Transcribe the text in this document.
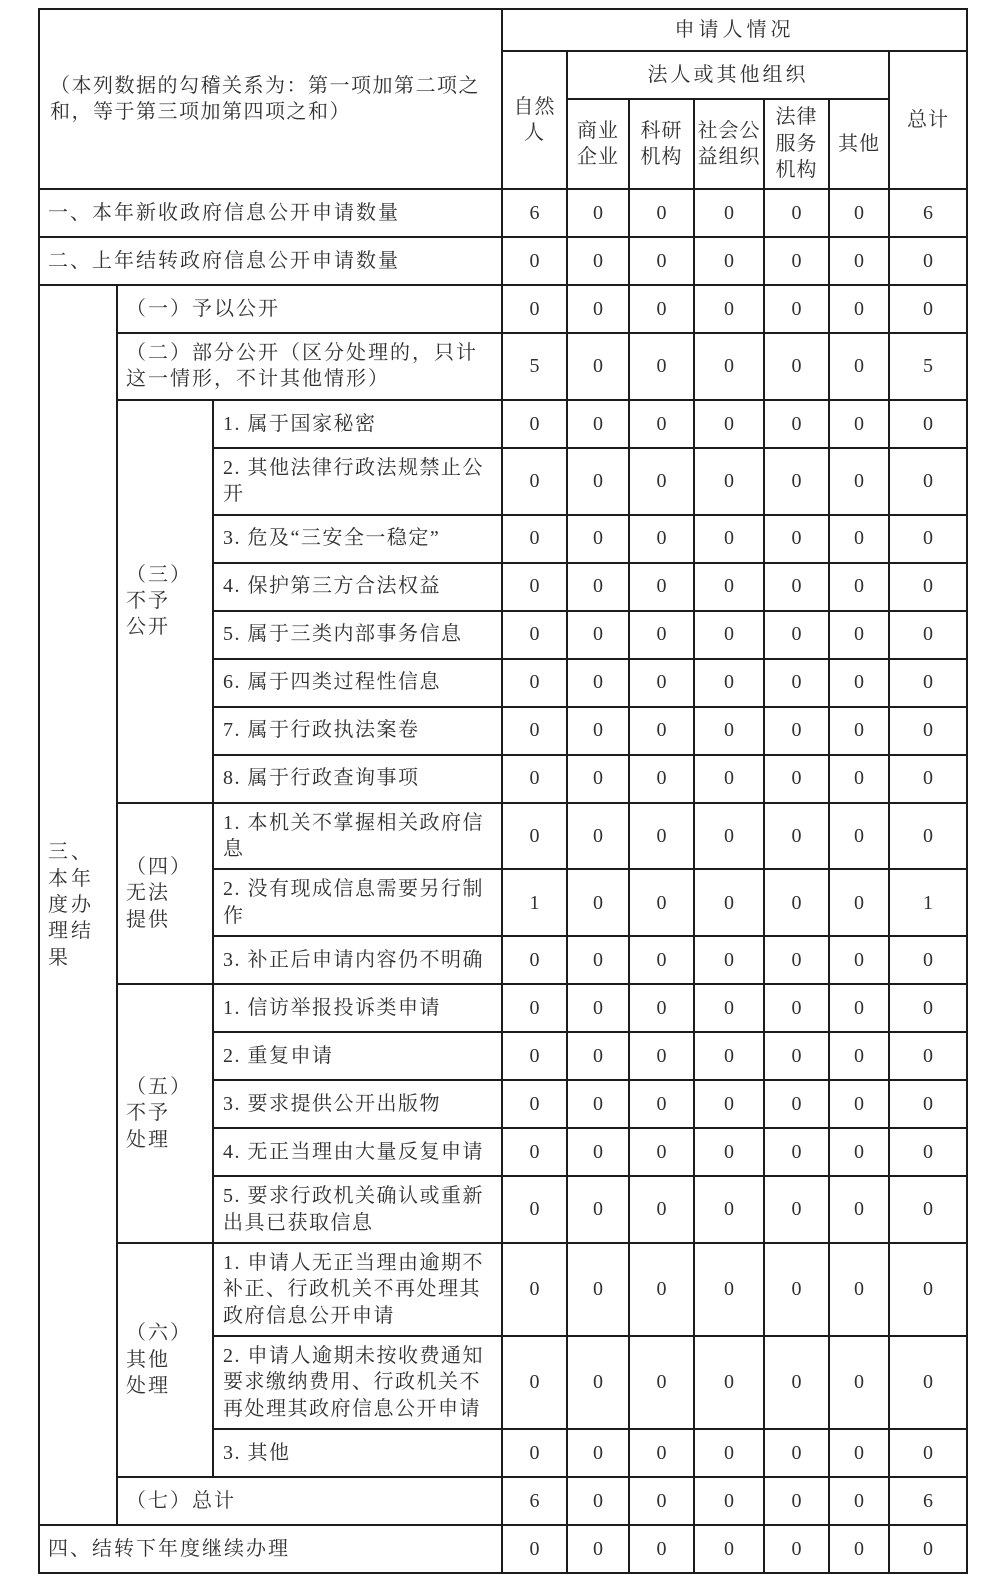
（本列数据的勾稽关系为：第一项加第二项之和，等于第三项加第四项之和）			申请人情况						
			自然人	法人或其他组织					总计
				商业企业	科研机构	社会公益组织	法律服务机构	其他	
一、本年新收政府信息公开申请数量			6	0	0	0	0	0	6
二、上年结转政府信息公开申请数量			0	0	0	0	0	0	0
三、本年度办理结果	（一）予以公开		0	0	0	0	0	0	0
	（二）部分公开（区分处理的，只计这一情形，不计其他情形）		5	0	0	0	0	0	5
	（三）不予公开	1. 属于国家秘密	0	0	0	0	0	0	0
		2. 其他法律行政法规禁止公开	0	0	0	0	0	0	0
		3. 危及“三安全一稳定”	0	0	0	0	0	0	0
		4. 保护第三方合法权益	0	0	0	0	0	0	0
		5. 属于三类内部事务信息	0	0	0	0	0	0	0
		6. 属于四类过程性信息	0	0	0	0	0	0	0
		7. 属于行政执法案卷	0	0	0	0	0	0	0
		8. 属于行政查询事项	0	0	0	0	0	0	0
	（四）无法提供	1. 本机关不掌握相关政府信息	0	0	0	0	0	0	0
		2. 没有现成信息需要另行制作	1	0	0	0	0	0	1
		3. 补正后申请内容仍不明确	0	0	0	0	0	0	0
	（五）不予处理	1. 信访举报投诉类申请	0	0	0	0	0	0	0
		2. 重复申请	0	0	0	0	0	0	0
		3. 要求提供公开出版物	0	0	0	0	0	0	0
		4. 无正当理由大量反复申请	0	0	0	0	0	0	0
		5. 要求行政机关确认或重新出具已获取信息	0	0	0	0	0	0	0
	（六）其他处理	1. 申请人无正当理由逾期不补正、行政机关不再处理其政府信息公开申请	0	0	0	0	0	0	0
		2. 申请人逾期未按收费通知要求缴纳费用、行政机关不再处理其政府信息公开申请	0	0	0	0	0	0	0
		3. 其他	0	0	0	0	0	0	0
	（七）总计		6	0	0	0	0	0	6
四、结转下年度继续办理			0	0	0	0	0	0	0
